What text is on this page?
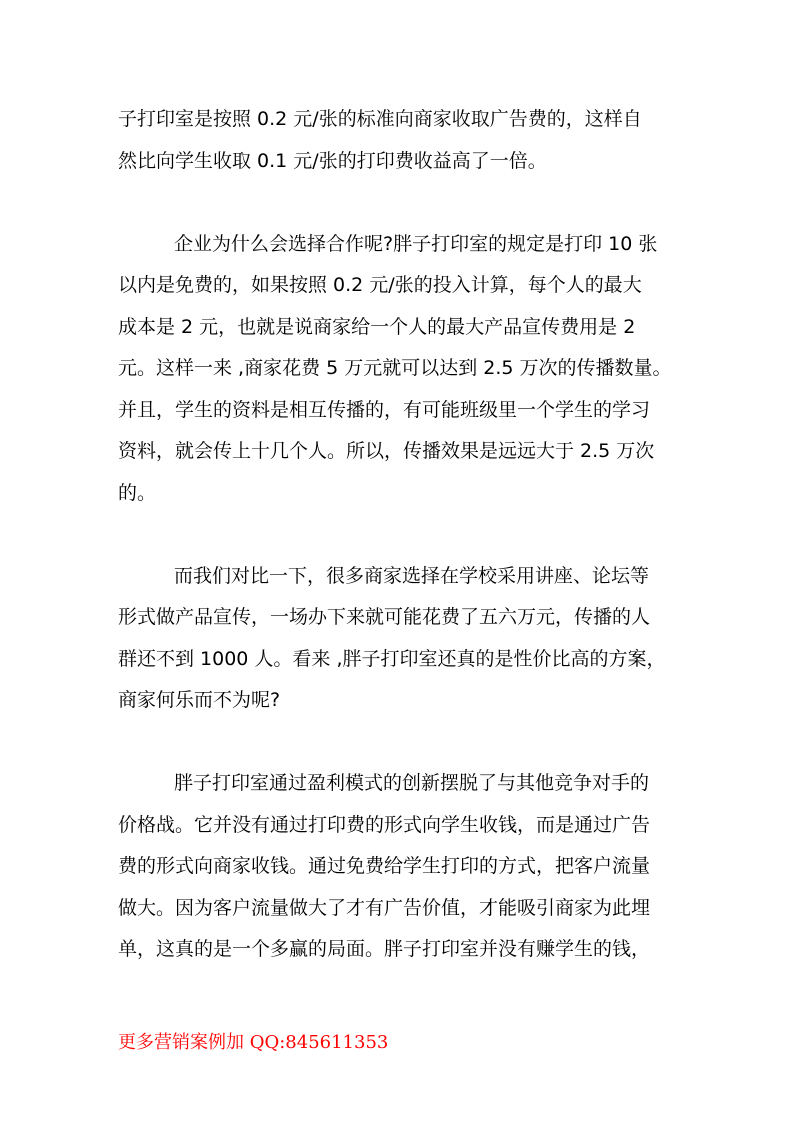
子打印室是按照 0.2 元/张的标准向商家收取广告费的，这样自
然比向学生收取 0.1 元/张的打印费收益高了一倍。
企业为什么会选择合作呢?胖子打印室的规定是打印 10 张
以内是免费的，如果按照 0.2 元/张的投入计算，每个人的最大
成本是 2 元，也就是说商家给一个人的最大产品宣传费用是 2
元。这样一来 ,商家花费 5 万元就可以达到 2.5 万次的传播数量。
并且，学生的资料是相互传播的，有可能班级里一个学生的学习
资料，就会传上十几个人。所以，传播效果是远远大于 2.5 万次
的。
而我们对比一下，很多商家选择在学校采用讲座、论坛等
形式做产品宣传，一场办下来就可能花费了五六万元，传播的人
群还不到 1000 人。看来 ,胖子打印室还真的是性价比高的方案，
商家何乐而不为呢?
胖子打印室通过盈利模式的创新摆脱了与其他竞争对手的
价格战。它并没有通过打印费的形式向学生收钱，而是通过广告
费的形式向商家收钱。通过免费给学生打印的方式，把客户流量
做大。因为客户流量做大了才有广告价值，才能吸引商家为此埋
单，这真的是一个多赢的局面。胖子打印室并没有赚学生的钱，
更多营销案例加 QQ:845611353
